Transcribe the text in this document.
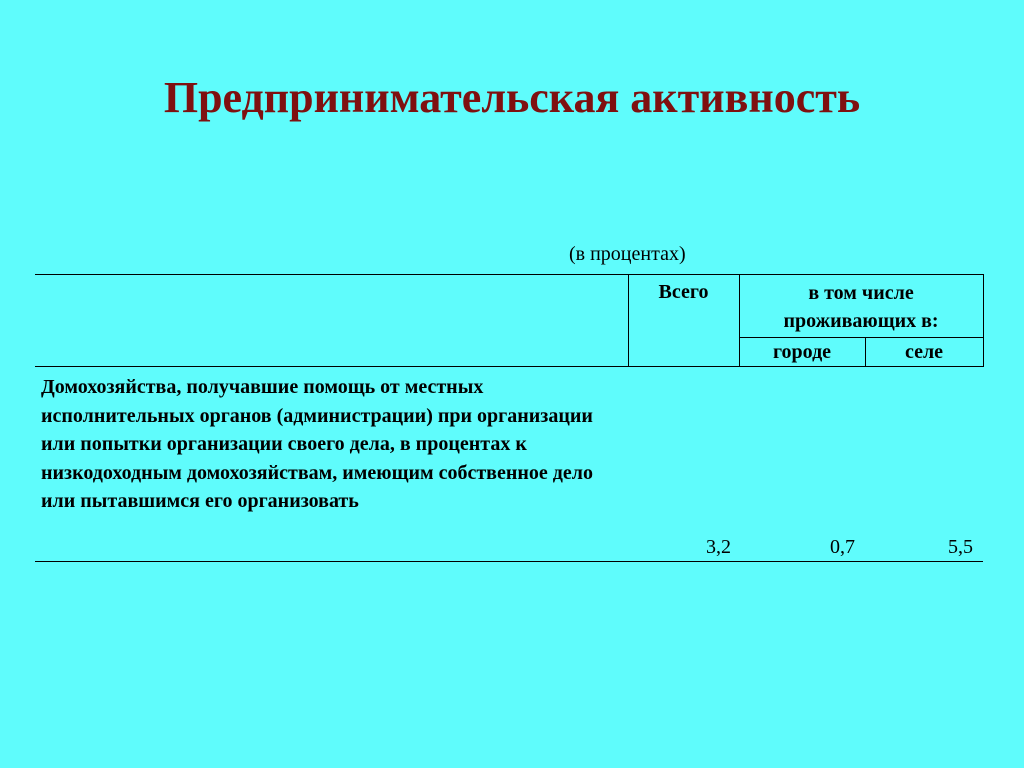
Предпринимательская активность
(в процентах)
	Всего	в том числе проживающих в:	
		городе	селе
Домохозяйства, получавшие помощь от местных исполнительных органов (администрации) при организации или попытки организации своего дела, в процентах к низкодоходным домохозяйствам, имеющим собственное дело или пытавшимся его организовать	3,2	0,7	5,5
